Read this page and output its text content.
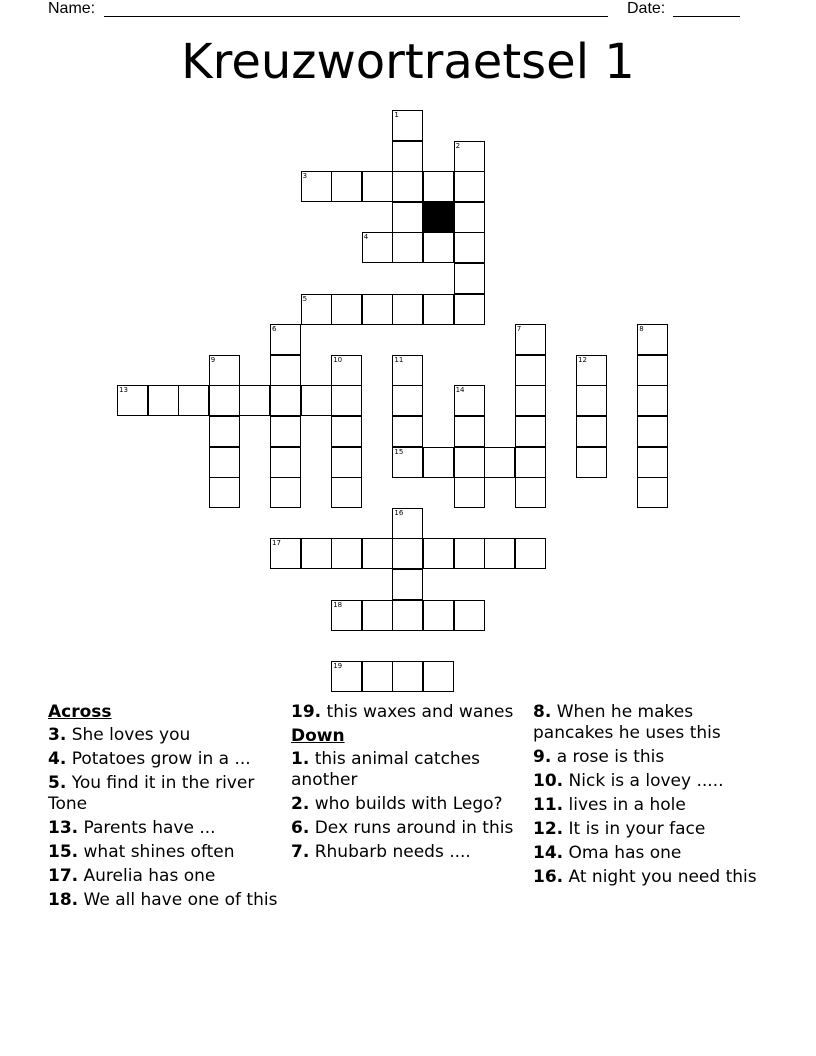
Name:	Date:
Kreuzwortraetsel 1
1
2
3
4
5
6
9	10	11
7
12
8
13	14
15
16
17
18
19
Across
3. She loves you
4. Potatoes grow in a ...
5. You find it in the river Tone
13. Parents have ...
15. what shines often
17. Aurelia has one
18. We all have one of this
19. this waxes and wanes
Down
1. this animal catches another
2. who builds with Lego?
6. Dex runs around in this
7. Rhubarb needs ....
8. When he makes pancakes he uses this
9. a rose is this
10. Nick is a lovey .....
11. lives in a hole
12. It is in your face
14. Oma has one
16. At night you need this
